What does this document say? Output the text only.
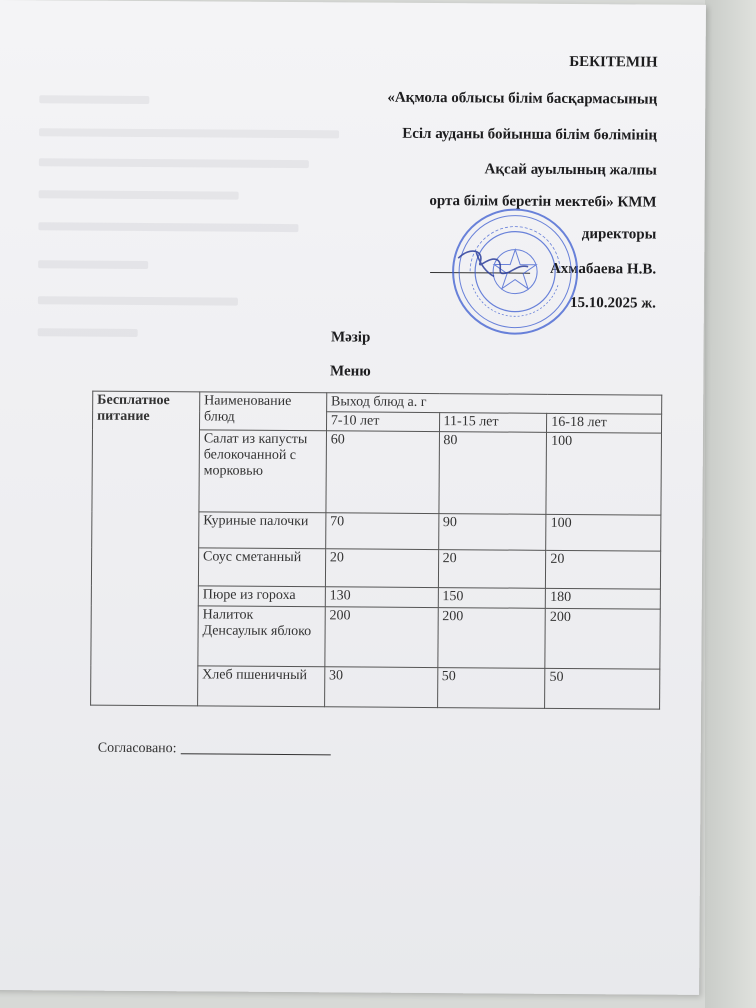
БЕКІТЕМІН
«Ақмола облысы білім басқармасының
Есіл ауданы бойынша білім бөлімінің
Ақсай ауылының жалпы
орта білім беретін мектебі» КММ
директоры
Ахмабаева Н.В.
15.10.2025 ж.
Мәзір
Меню
Бесплатное питание	Наименование блюд	Выход блюд а. г		
		7-10 лет	11-15 лет	16-18 лет
	Салат из капусты белокочанной с морковью	60	80	100
	Куриные палочки	70	90	100
	Соус сметанный	20	20	20
	Пюре из гороха	130	150	180
	Налиток Денсаулык яблоко	200	200	200
	Хлеб пшеничный	30	50	50
Согласовано:
